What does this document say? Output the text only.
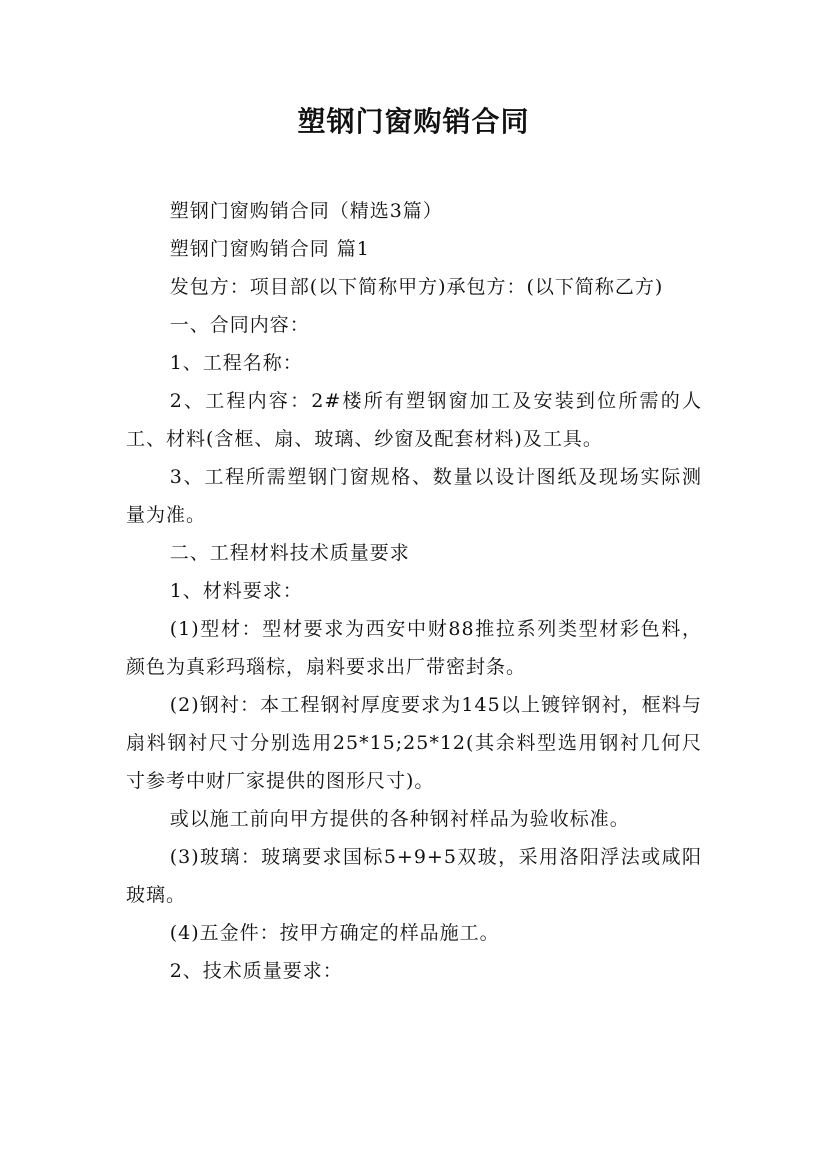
塑钢门窗购销合同

塑钢门窗购销合同（精选3篇）

塑钢门窗购销合同 篇1

发包方：项目部(以下简称甲方)承包方：(以下简称乙方)

一、合同内容：

1、工程名称：

2、工程内容：2#楼所有塑钢窗加工及安装到位所需的人工、材料(含框、扇、玻璃、纱窗及配套材料)及工具。

3、工程所需塑钢门窗规格、数量以设计图纸及现场实际测量为准。

二、工程材料技术质量要求

1、材料要求：

(1)型材：型材要求为西安中财88推拉系列类型材彩色料，颜色为真彩玛瑙棕，扇料要求出厂带密封条。

(2)钢衬：本工程钢衬厚度要求为145以上镀锌钢衬，框料与扇料钢衬尺寸分别选用25*15;25*12(其余料型选用钢衬几何尺寸参考中财厂家提供的图形尺寸)。

或以施工前向甲方提供的各种钢衬样品为验收标准。

(3)玻璃：玻璃要求国标5+9+5双玻，采用洛阳浮法或咸阳玻璃。

(4)五金件：按甲方确定的样品施工。

2、技术质量要求：
